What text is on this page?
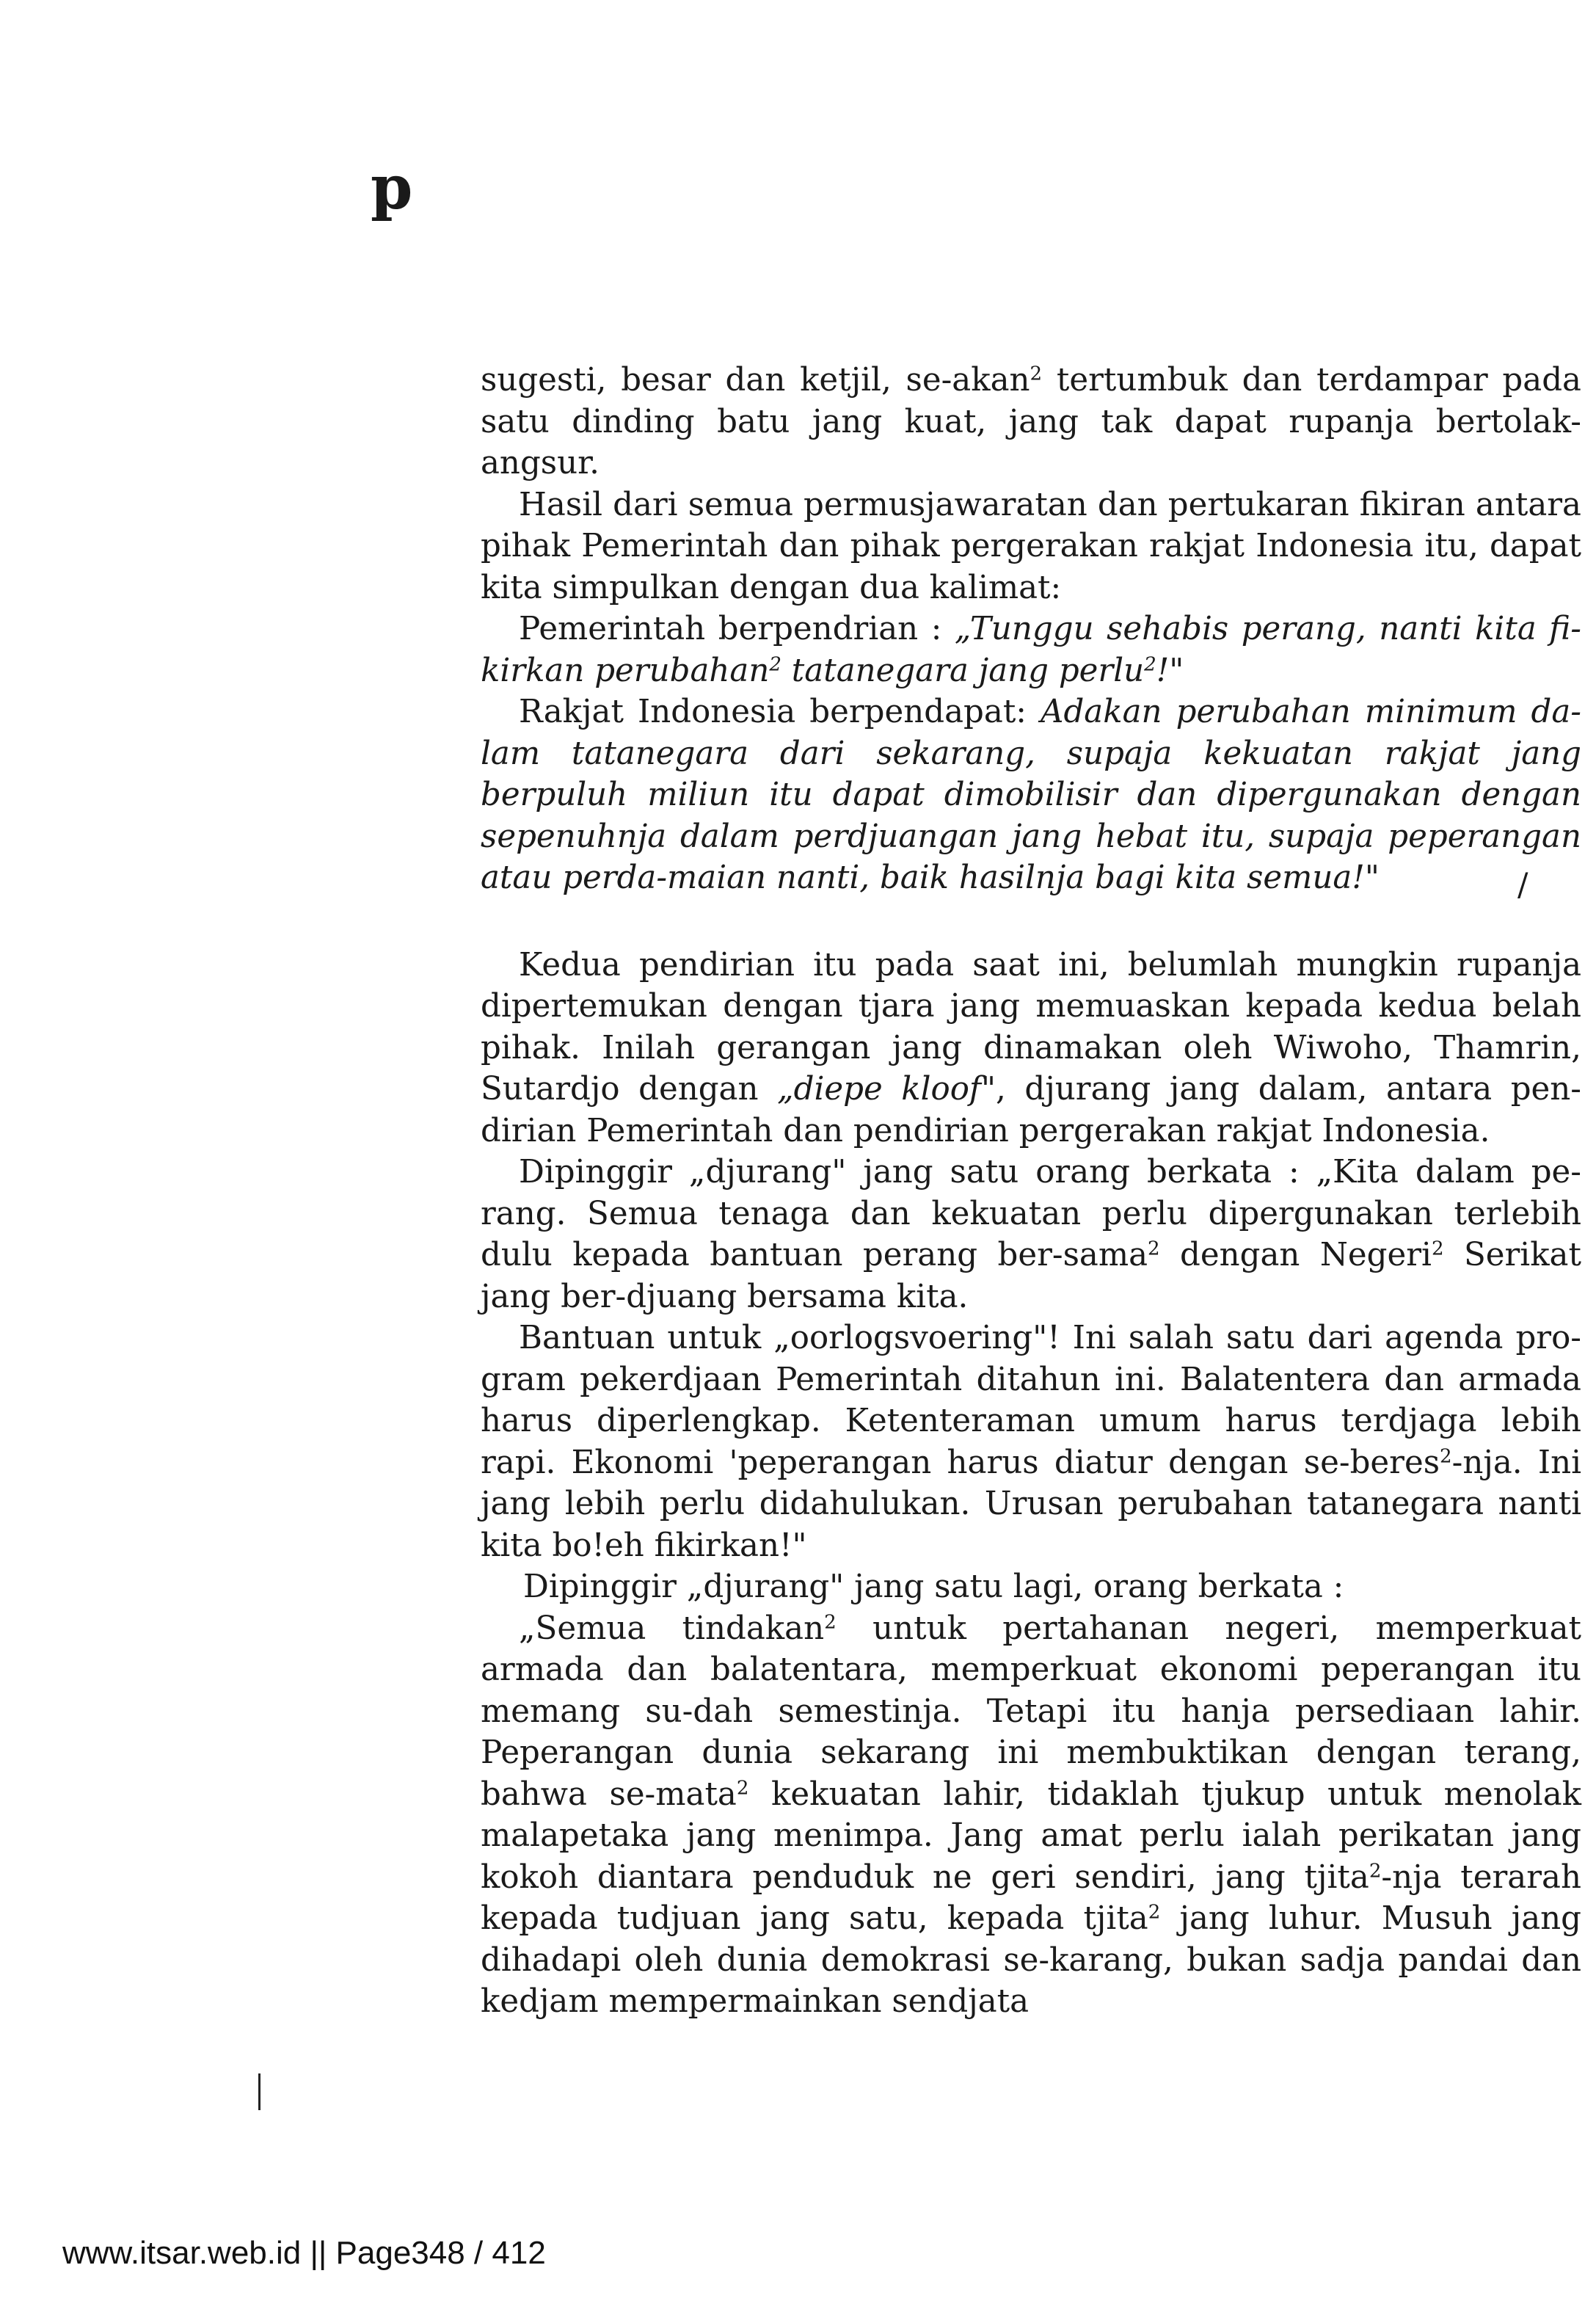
p

sugesti, besar dan ketjil, se-akan$^2$ tertumbuk dan terdampar pada satu dinding batu jang kuat, jang tak dapat rupanja bertolak-angsur.

Hasil dari semua permusjawaratan dan pertukaran fikiran antara pihak Pemerintah dan pihak pergerakan rakjat Indonesia itu, dapat kita simpulkan dengan dua kalimat:

Pemerintah berpendrian : „Tunggu sehabis perang, nanti kita fi-kirkan perubahan$^2$ tatanegara jang perlu$^2$!"

Rakjat Indonesia berpendapat: Adakan perubahan minimum da-lam tatanegara dari sekarang, supaja kekuatan rakjat jang berpuluh miliun itu dapat dimobilisir dan dipergunakan dengan sepenuhnja dalam perdjuangan jang hebat itu, supaja peperangan atau perda-maian nanti, baik hasilnja bagi kita semua!"

Kedua pendirian itu pada saat ini, belumlah mungkin rupanja dipertemukan dengan tjara jang memuaskan kepada kedua belah pihak. Inilah gerangan jang dinamakan oleh Wiwoho, Thamrin, Sutardjo dengan „diepe kloof", djurang jang dalam, antara pen-dirian Pemerintah dan pendirian pergerakan rakjat Indonesia.

Dipinggir „djurang" jang satu orang berkata : „Kita dalam pe-rang. Semua tenaga dan kekuatan perlu dipergunakan terlebih dulu kepada bantuan perang ber-sama$^2$ dengan Negeri$^2$ Serikat jang ber-djuang bersama kita.

Bantuan untuk „oorlogsvoering"! Ini salah satu dari agenda pro-gram pekerdjaan Pemerintah ditahun ini. Balatentera dan armada harus diperlengkap. Ketenteraman umum harus terdjaga lebih rapi. Ekonomi 'peperangan harus diatur dengan se-beres$^2$-nja. Ini jang lebih perlu didahulukan. Urusan perubahan tatanegara nanti kita bo!eh fikirkan!"

Dipinggir „djurang" jang satu lagi, orang berkata :

„Semua tindakan$^2$ untuk pertahanan negeri, memperkuat armada dan balatentara, memperkuat ekonomi peperangan itu memang su-dah semestinja. Tetapi itu hanja persediaan lahir. Peperangan dunia sekarang ini membuktikan dengan terang, bahwa se-mata$^2$ kekuatan lahir, tidaklah tjukup untuk menolak malapetaka jang menimpa. Jang amat perlu ialah perikatan jang kokoh diantara penduduk ne geri sendiri, jang tjita$^2$-nja terarah kepada tudjuan jang satu, kepada tjita$^2$ jang luhur. Musuh jang dihadapi oleh dunia demokrasi se-karang, bukan sadja pandai dan kedjam mempermainkan sendjata

/
www.itsar.web.id || Page348 / 412
